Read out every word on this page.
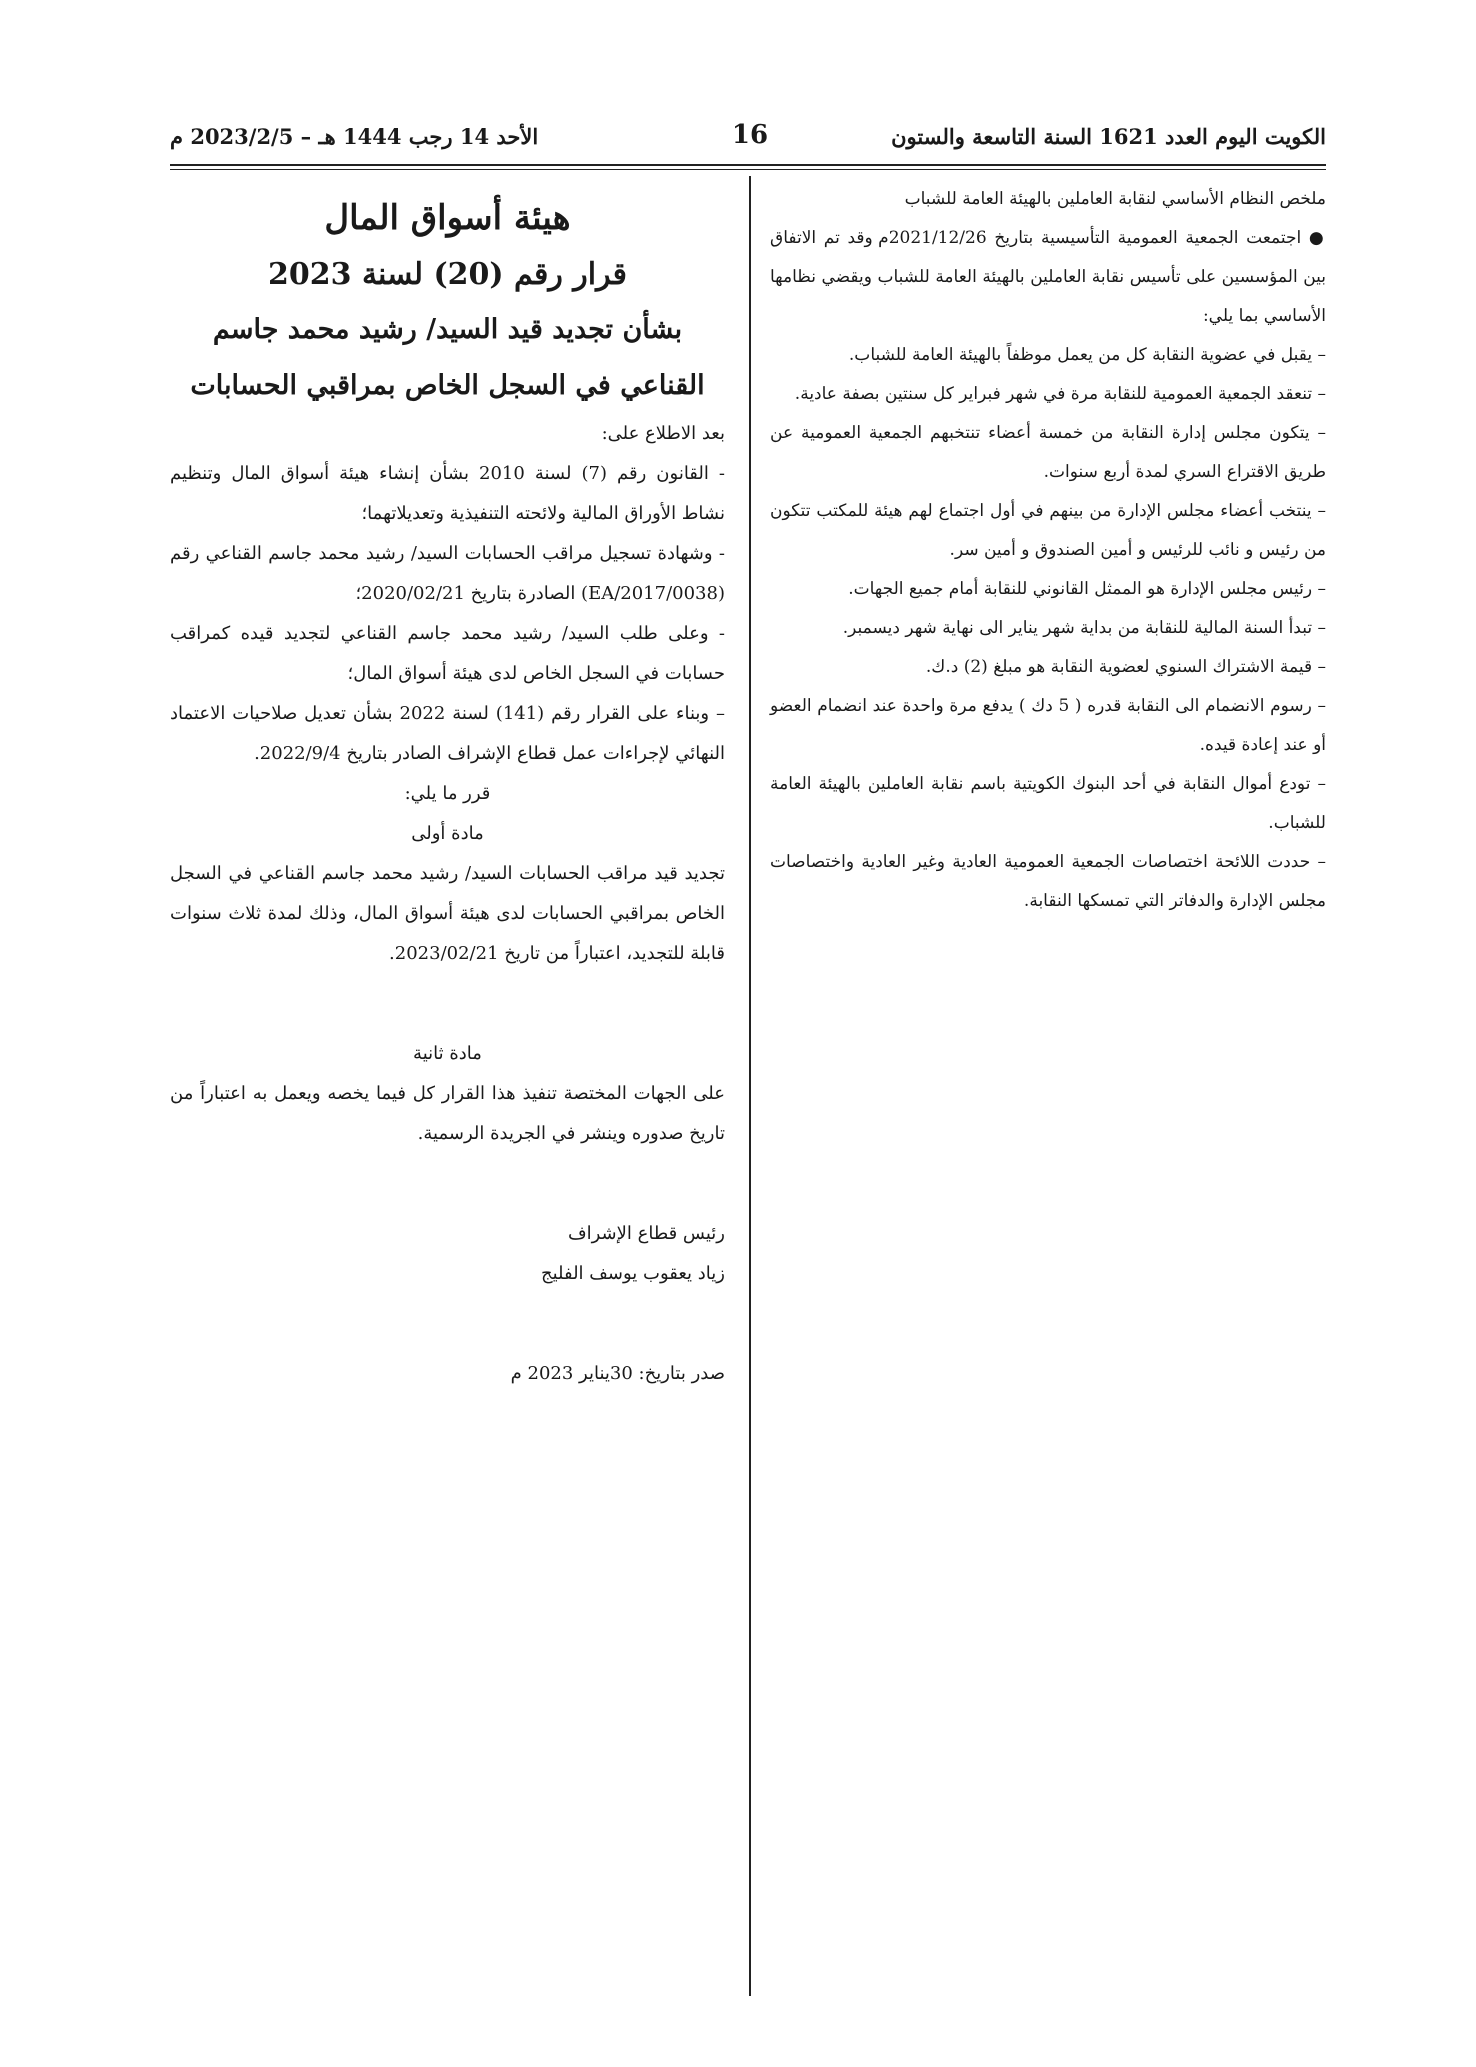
الأحد 14 رجب 1444 هـ – 2023/2/5 م	16	الكويت اليوم العدد 1621 السنة التاسعة والستون

ملخص النظام الأساسي لنقابة العاملين بالهيئة العامة للشباب

● اجتمعت الجمعية العمومية التأسيسية بتاريخ 2021/12/26م وقد تم الاتفاق بين المؤسسين على تأسيس نقابة العاملين بالهيئة العامة للشباب ويقضي نظامها الأساسي بما يلي:

– يقبل في عضوية النقابة كل من يعمل موظفاً بالهيئة العامة للشباب.

– تنعقد الجمعية العمومية للنقابة مرة في شهر فبراير كل سنتين بصفة عادية.

– يتكون مجلس إدارة النقابة من خمسة أعضاء تنتخبهم الجمعية العمومية عن طريق الاقتراع السري لمدة أربع سنوات.

– ينتخب أعضاء مجلس الإدارة من بينهم في أول اجتماع لهم هيئة للمكتب تتكون من رئيس و نائب للرئيس و أمين الصندوق و أمين سر.

– رئيس مجلس الإدارة هو الممثل القانوني للنقابة أمام جميع الجهات.

– تبدأ السنة المالية للنقابة من بداية شهر يناير الى نهاية شهر ديسمبر.

– قيمة الاشتراك السنوي لعضوية النقابة هو مبلغ (2) د.ك.

– رسوم الانضمام الى النقابة قدره ( 5 دك ) يدفع مرة واحدة عند انضمام العضو أو عند إعادة قيده.

– تودع أموال النقابة في أحد البنوك الكويتية باسم نقابة العاملين بالهيئة العامة للشباب.

– حددت اللائحة اختصاصات الجمعية العمومية العادية وغير العادية واختصاصات مجلس الإدارة والدفاتر التي تمسكها النقابة.

هيئة أسواق المال

قرار رقم (20) لسنة 2023

بشأن تجديد قيد السيد/ رشيد محمد جاسم القناعي في السجل الخاص بمراقبي الحسابات

بعد الاطلاع على:

- القانون رقم (7) لسنة 2010 بشأن إنشاء هيئة أسواق المال وتنظيم نشاط الأوراق المالية ولائحته التنفيذية وتعديلاتهما؛

- وشهادة تسجيل مراقب الحسابات السيد/ رشيد محمد جاسم القناعي رقم (EA/2017/0038) الصادرة بتاريخ 2020/02/21؛

- وعلى طلب السيد/ رشيد محمد جاسم القناعي لتجديد قيده كمراقب حسابات في السجل الخاص لدى هيئة أسواق المال؛

– وبناء على القرار رقم (141) لسنة 2022 بشأن تعديل صلاحيات الاعتماد النهائي لإجراءات عمل قطاع الإشراف الصادر بتاريخ 2022/9/4.

قرر ما يلي:

مادة أولى

تجديد قيد مراقب الحسابات السيد/ رشيد محمد جاسم القناعي في السجل الخاص بمراقبي الحسابات لدى هيئة أسواق المال، وذلك لمدة ثلاث سنوات قابلة للتجديد، اعتباراً من تاريخ 2023/02/21.

مادة ثانية

على الجهات المختصة تنفيذ هذا القرار كل فيما يخصه ويعمل به اعتباراً من تاريخ صدوره وينشر في الجريدة الرسمية.

رئيس قطاع الإشراف

زياد يعقوب يوسف الفليج

صدر بتاريخ: 30يناير 2023 م
